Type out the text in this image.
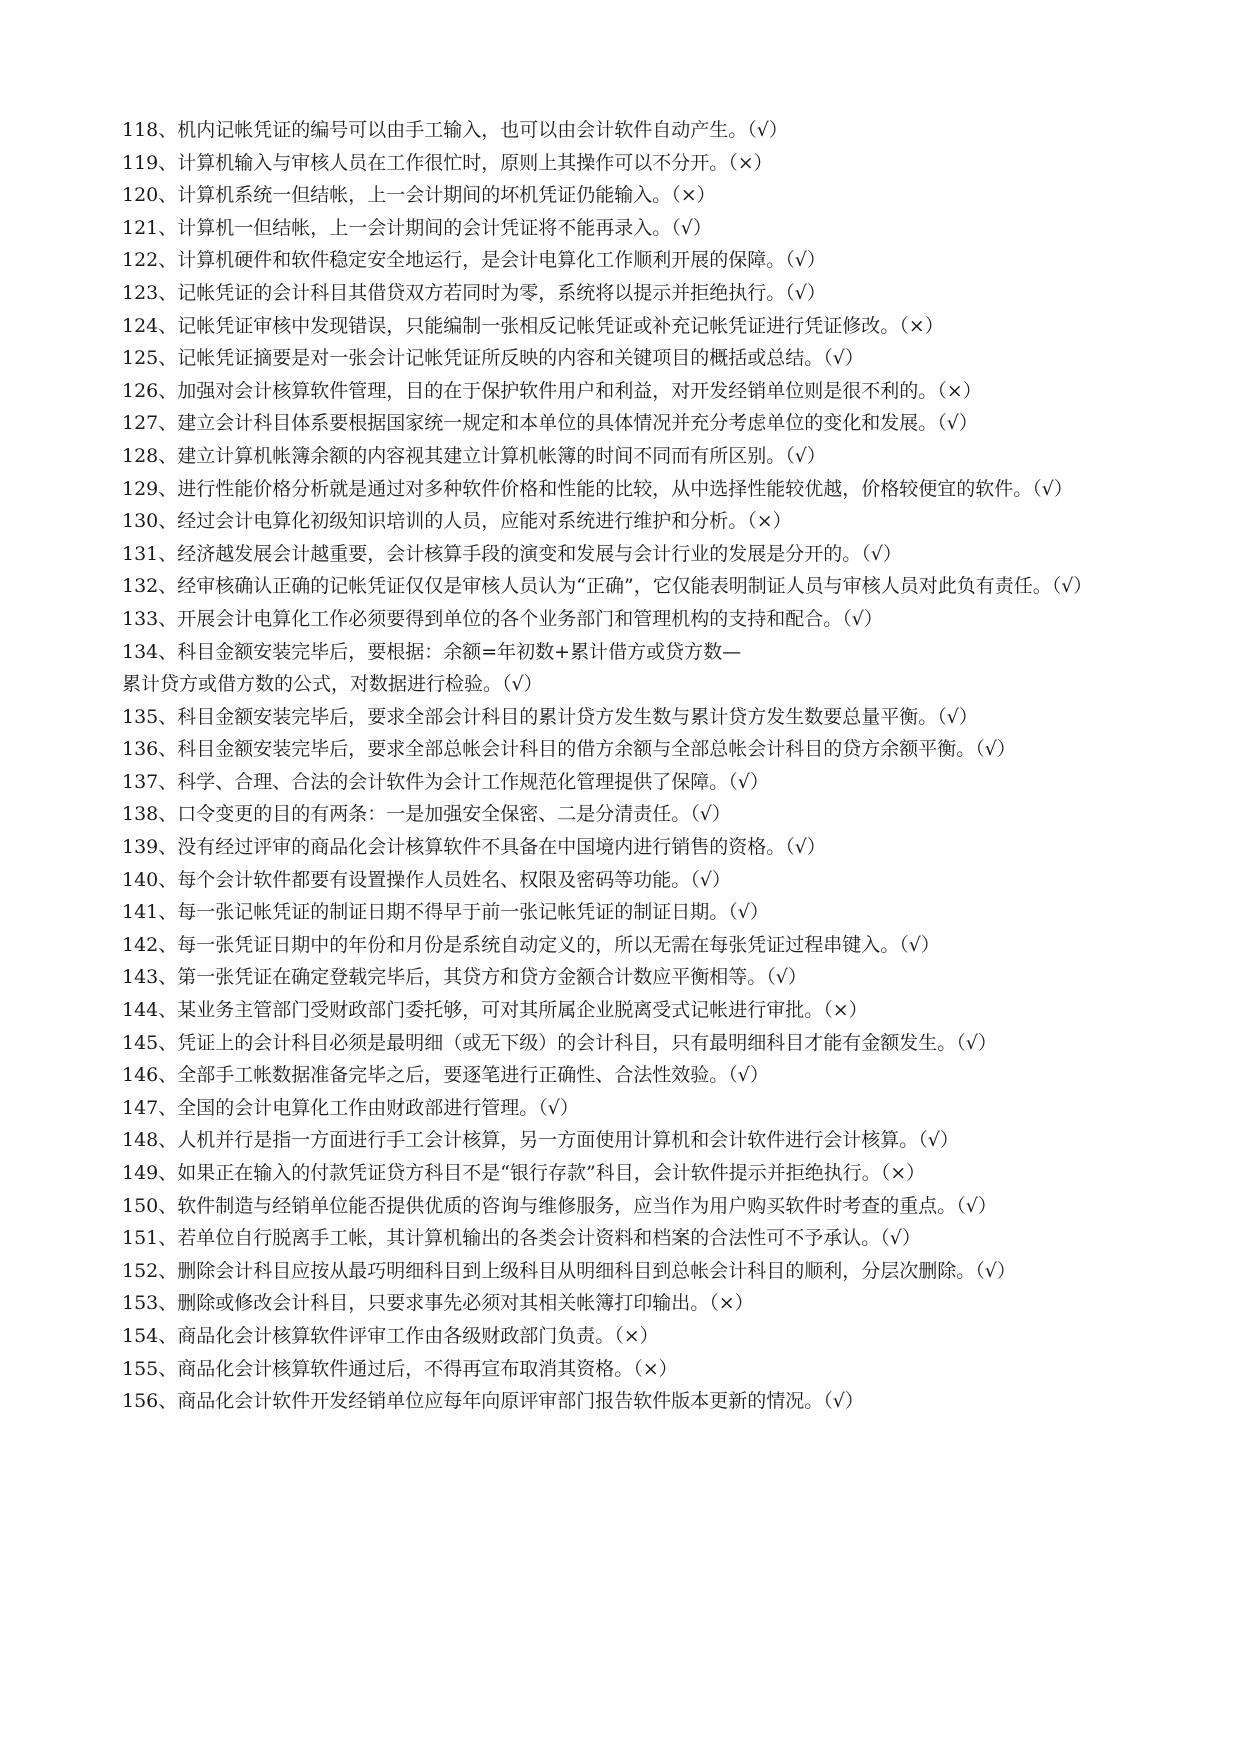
118、机内记帐凭证的编号可以由手工输入，也可以由会计软件自动产生。（√）

119、计算机输入与审核人员在工作很忙时，原则上其操作可以不分开。（×）

120、计算机系统一但结帐，上一会计期间的坏机凭证仍能输入。（×）

121、计算机一但结帐，上一会计期间的会计凭证将不能再录入。（√）

122、计算机硬件和软件稳定安全地运行，是会计电算化工作顺利开展的保障。（√）

123、记帐凭证的会计科目其借贷双方若同时为零，系统将以提示并拒绝执行。（√）

124、记帐凭证审核中发现错误，只能编制一张相反记帐凭证或补充记帐凭证进行凭证修改。（×）

125、记帐凭证摘要是对一张会计记帐凭证所反映的内容和关键项目的概括或总结。（√）

126、加强对会计核算软件管理，目的在于保护软件用户和利益，对开发经销单位则是很不利的。（×）

127、建立会计科目体系要根据国家统一规定和本单位的具体情况并充分考虑单位的变化和发展。（√）

128、建立计算机帐簿余额的内容视其建立计算机帐簿的时间不同而有所区别。（√）

129、进行性能价格分析就是通过对多种软件价格和性能的比较，从中选择性能较优越，价格较便宜的软件。（√）

130、经过会计电算化初级知识培训的人员，应能对系统进行维护和分析。（×）

131、经济越发展会计越重要，会计核算手段的演变和发展与会计行业的发展是分开的。（√）

132、经审核确认正确的记帐凭证仅仅是审核人员认为“正确”，它仅能表明制证人员与审核人员对此负有责任。（√）

133、开展会计电算化工作必须要得到单位的各个业务部门和管理机构的支持和配合。（√）

134、科目金额安装完毕后，要根据：余额=年初数+累计借方或贷方数—
累计贷方或借方数的公式，对数据进行检验。（√）

135、科目金额安装完毕后，要求全部会计科目的累计贷方发生数与累计贷方发生数要总量平衡。（√）

136、科目金额安装完毕后，要求全部总帐会计科目的借方余额与全部总帐会计科目的贷方余额平衡。（√）

137、科学、合理、合法的会计软件为会计工作规范化管理提供了保障。（√）

138、口令变更的目的有两条：一是加强安全保密、二是分清责任。（√）

139、没有经过评审的商品化会计核算软件不具备在中国境内进行销售的资格。（√）

140、每个会计软件都要有设置操作人员姓名、权限及密码等功能。（√）

141、每一张记帐凭证的制证日期不得早于前一张记帐凭证的制证日期。（√）

142、每一张凭证日期中的年份和月份是系统自动定义的，所以无需在每张凭证过程串键入。（√）

143、第一张凭证在确定登载完毕后，其贷方和贷方金额合计数应平衡相等。（√）

144、某业务主管部门受财政部门委托够，可对其所属企业脱离受式记帐进行审批。（×）

145、凭证上的会计科目必须是最明细（或无下级）的会计科目，只有最明细科目才能有金额发生。（√）

146、全部手工帐数据准备完毕之后，要逐笔进行正确性、合法性效验。（√）

147、全国的会计电算化工作由财政部进行管理。（√）

148、人机并行是指一方面进行手工会计核算，另一方面使用计算机和会计软件进行会计核算。（√）

149、如果正在输入的付款凭证贷方科目不是“银行存款”科目，会计软件提示并拒绝执行。（×）

150、软件制造与经销单位能否提供优质的咨询与维修服务，应当作为用户购买软件时考查的重点。（√）

151、若单位自行脱离手工帐，其计算机输出的各类会计资料和档案的合法性可不予承认。（√）

152、删除会计科目应按从最巧明细科目到上级科目从明细科目到总帐会计科目的顺利，分层次删除。（√）

153、删除或修改会计科目，只要求事先必须对其相关帐簿打印输出。（×）

154、商品化会计核算软件评审工作由各级财政部门负责。（×）

155、商品化会计核算软件通过后，不得再宣布取消其资格。（×）

156、商品化会计软件开发经销单位应每年向原评审部门报告软件版本更新的情况。（√）
